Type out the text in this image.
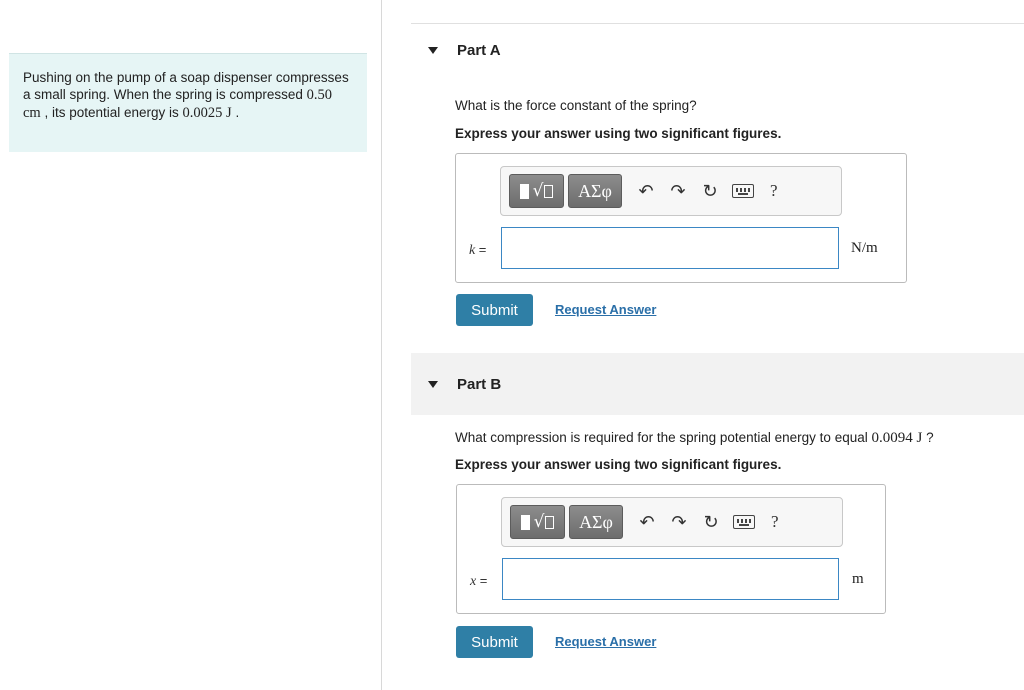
Pushing on the pump of a soap dispenser compresses a small spring. When the spring is compressed 0.50 cm , its potential energy is 0.0025 J .
Part A
What is the force constant of the spring?
Express your answer using two significant figures.
√	ΑΣφ	↶ ↷ ↻	?
k =	N/m
Submit	Request Answer
Part B
What compression is required for the spring potential energy to equal 0.0094 J ?
Express your answer using two significant figures.
√	ΑΣφ	↶ ↷ ↻	?
x =	m
Submit	Request Answer
